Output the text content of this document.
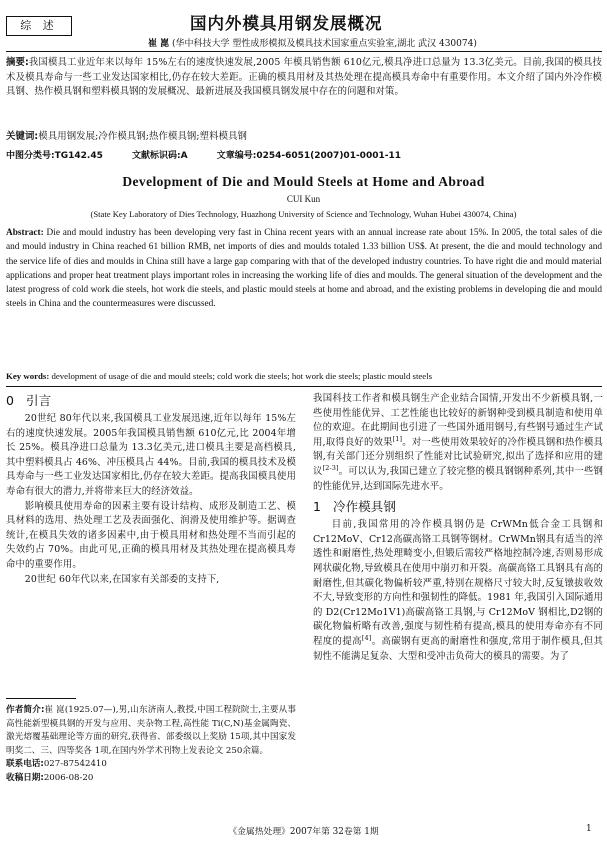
综 述	国内外模具用钢发展概况
崔 崑 (华中科技大学 塑性成形模拟及模具技术国家重点实验室,湖北 武汉 430074)
摘要:我国模具工业近年来以每年 15%左右的速度快速发展,2005 年模具销售额 610亿元,模具净进口总量为 13.3亿美元。目前,我国的模具技术及模具寿命与一些工业发达国家相比,仍存在较大差距。正确的模具用材及其热处理在提高模具寿命中有重要作用。本文介绍了国内外冷作模具钢、热作模具钢和塑料模具钢的发展概况、最新进展及我国模具钢发展中存在的问题和对策。
关键词:模具用钢发展;冷作模具钢;热作模具钢;塑料模具钢
中图分类号:TG142.45	文献标识码:A	文章编号:0254-6051(2007)01-0001-11
Development of Die and Mould Steels at Home and Abroad
CUI Kun
(State Key Laboratory of Dies Technology, Huazhong University of Science and Technology, Wuhan Hubei 430074, China)
Abstract: Die and mould industry has been developing very fast in China recent years with an annual increase rate about 15%. In 2005, the total sales of die and mould industry in China reached 61 billion RMB, net imports of dies and moulds totaled 1.33 billion US$. At present, the die and mould technology and the service life of dies and moulds in China still have a large gap comparing with that of the developed industry countries. To have right die and mould material applications and proper heat treatment plays important roles in increasing the working life of dies and moulds. The general situation of the development and the latest progress of cold work die steels, hot work die steels, and plastic mould steels at home and abroad, and the existing problems in developing die and mould steels in China and the countermeasures were discussed.
Key words: development of usage of die and mould steels; cold work die steels; hot work die steels; plastic mould steels
0 引言

20世纪 80年代以来,我国模具工业发展迅速,近年以每年 15%左右的速度快速发展。2005年我国模具销售额 610亿元,比 2004年增长 25%。模具净进口总量为 13.3亿美元,进口模具主要是高档模具,其中塑料模具占 46%、冲压模具占 44%。目前,我国的模具技术及模具寿命与一些工业发达国家相比,仍存在较大差距。提高我国模具使用寿命有很大的潜力,并将带来巨大的经济效益。

影响模具使用寿命的因素主要有设计结构、成形及制造工艺、模具材料的选用、热处理工艺及表面强化、润滑及使用维护等。据调查统计,在模具失效的诸多因素中,由于模具用材和热处理不当而引起的失效约占 70%。由此可见,正确的模具用材及其热处理在提高模具寿命中的重要作用。

20世纪 60年代以来,在国家有关部委的支持下,

作者简介:崔 崑(1925.07—),男,山东济南人,教授,中国工程院院士,主要从事高性能新型模具钢的开发与应用、夹杂物工程,高性能 Ti(C,N)基金属陶瓷、激光熔覆基础理论等方面的研究,获得省、部委级以上奖励 15项,其中国家发明奖二、三、四等奖各 1项,在国内外学术刊物上发表论文 250余篇。
联系电话:027-87542410
收稿日期:2006-08-20

我国科技工作者和模具钢生产企业结合国情,开发出不少新模具钢,一些使用性能优异、工艺性能也比较好的新钢种受到模具制造和使用单位的欢迎。在此期间也引进了一些国外通用钢号,有些钢号通过生产试用,取得良好的效果[1]。对一些使用效果较好的冷作模具钢和热作模具钢,有关部门还分别组织了性能对比试验研究,拟出了选择和应用的建议[2-3]。可以认为,我国已建立了较完整的模具钢钢种系列,其中一些钢的性能优异,达到国际先进水平。

1 冷作模具钢

目前,我国常用的冷作模具钢仍是 CrWMn低合金工具钢和 Cr12MoV、Cr12高碳高铬工具钢等钢材。CrWMn钢具有适当的淬透性和耐磨性,热处理畸变小,但锻后需较严格地控制冷速,否则易形成网状碳化物,导致模具在使用中崩刃和开裂。高碳高铬工具钢具有高的耐磨性,但其碳化物偏析较严重,特别在规格尺寸较大时,反复镦拔收效不大,导致变形的方向性和强韧性的降低。1981 年,我国引入国际通用的 D2(Cr12Mo1V1)高碳高铬工具钢,与 Cr12MoV 钢相比,D2钢的碳化物偏析略有改善,强度与韧性稍有提高,模具的使用寿命亦有不同程度的提高[4]。高碳钢有更高的耐磨性和强度,常用于制作模具,但其韧性不能满足复杂、大型和受冲击负荷大的模具的需要。为了

《金属热处理》2007年第 32卷第 1期	1
